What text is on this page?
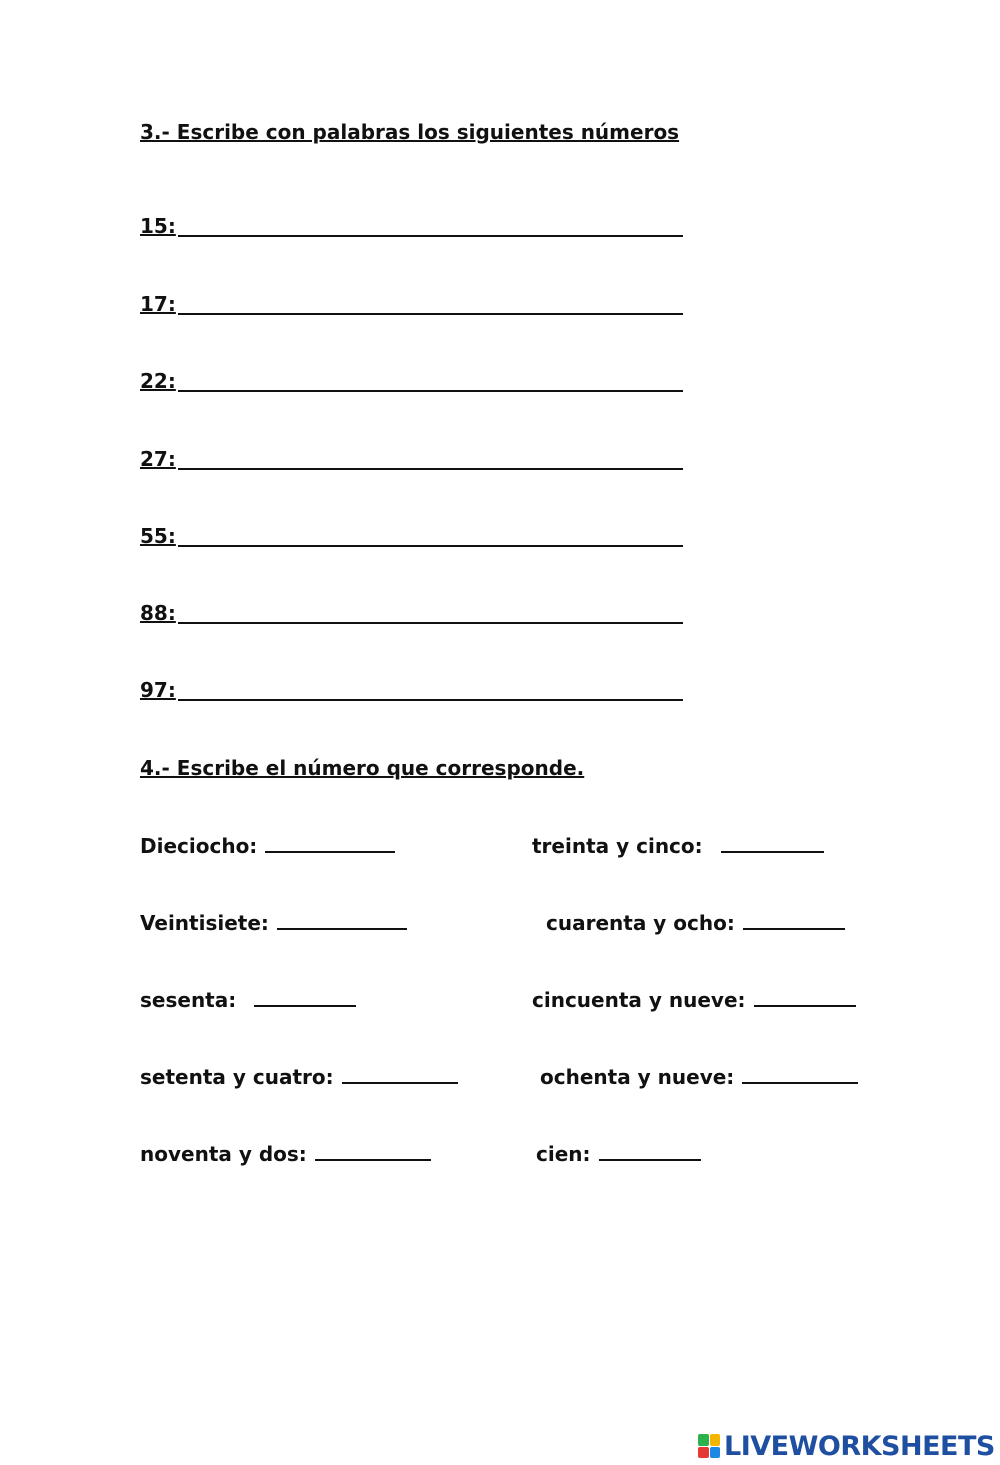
3.- Escribe con palabras los siguientes números
15:
17:
22:
27:
55:
88:
97:
4.- Escribe el número que corresponde.
Dieciocho:
Veintisiete:
sesenta:
setenta y cuatro:
noventa y dos:
treinta y cinco:
cuarenta y ocho:
cincuenta y nueve:
ochenta y nueve:
cien:
LIVEWORKSHEETS
